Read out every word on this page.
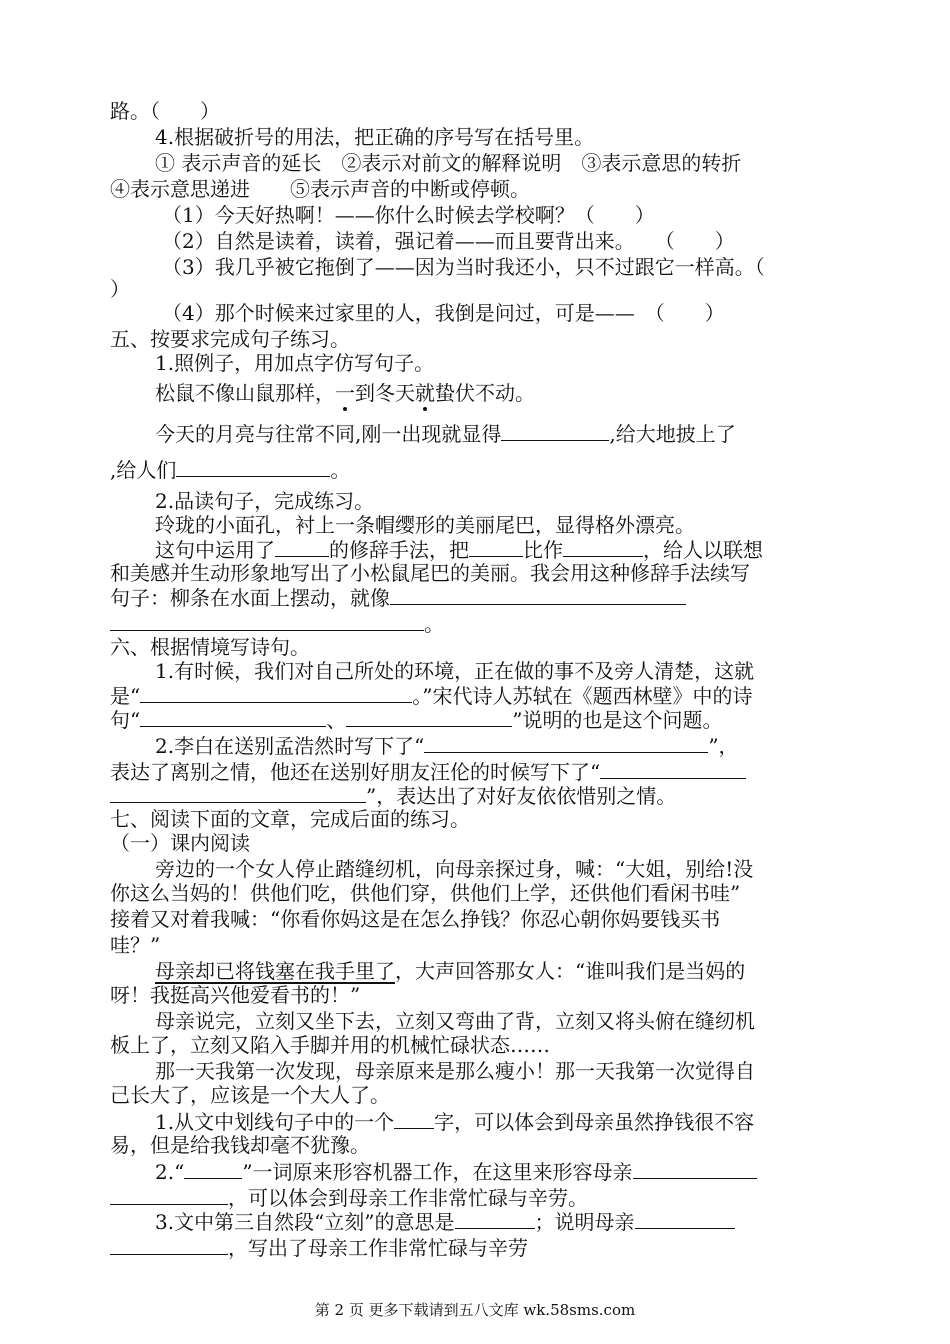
路。（　　）
4.根据破折号的用法，把正确的序号写在括号里。
① 表示声音的延长　②表示对前文的解释说明　③表示意思的转折
④表示意思递进　　⑤表示声音的中断或停顿。
（1）今天好热啊！——你什么时候去学校啊？（　　）
（2）自然是读着，读着，强记着——而且要背出来。　　（　　）
（3）我几乎被它拖倒了——因为当时我还小，只不过跟它一样高。（
）
（4）那个时候来过家里的人，我倒是问过，可是——　（　　）
五、按要求完成句子练习。
1.照例子，用加点字仿写句子。
松鼠不像山鼠那样，一到冬天就蛰伏不动。
今天的月亮与往常不同,刚一出现就显得	,给大地披上了
,给人们	。
2.品读句子，完成练习。
玲珑的小面孔，衬上一条帽缨形的美丽尾巴，显得格外漂亮。
这句中运用了	的修辞手法，把	比作	，给人以联想
和美感并生动形象地写出了小松鼠尾巴的美丽。我会用这种修辞手法续写
句子：柳条在水面上摆动，就像
。
六、根据情境写诗句。
1.有时候，我们对自己所处的环境，正在做的事不及旁人清楚，这就
是“	。”宋代诗人苏轼在《题西林壁》中的诗
句“	、	”说明的也是这个问题。
2.李白在送别孟浩然时写下了“	”，
表达了离别之情，他还在送别好朋友汪伦的时候写下了“
”，表达出了对好友依依惜别之情。
七、阅读下面的文章，完成后面的练习。
（一）课内阅读
旁边的一个女人停止踏缝纫机，向母亲探过身，喊：“大姐，别给!没
你这么当妈的！供他们吃，供他们穿，供他们上学，还供他们看闲书哇”
接着又对着我喊：“你看你妈这是在怎么挣钱？你忍心朝你妈要钱买书
哇？”
母亲却已将钱塞在我手里了，大声回答那女人：“谁叫我们是当妈的
呀！我挺高兴他爱看书的！”
母亲说完，立刻又坐下去，立刻又弯曲了背，立刻又将头俯在缝纫机
板上了，立刻又陷入手脚并用的机械忙碌状态……
那一天我第一次发现，母亲原来是那么瘦小！那一天我第一次觉得自
己长大了，应该是一个大人了。
1.从文中划线句子中的一个 字，可以体会到母亲虽然挣钱很不容
易，但是给我钱却毫不犹豫。
2.“	”一词原来形容机器工作，在这里来形容母亲
，可以体会到母亲工作非常忙碌与辛劳。
3.文中第三自然段“立刻”的意思是	；说明母亲
，写出了母亲工作非常忙碌与辛劳
第 2 页 更多下载请到五八文库 wk.58sms.com
